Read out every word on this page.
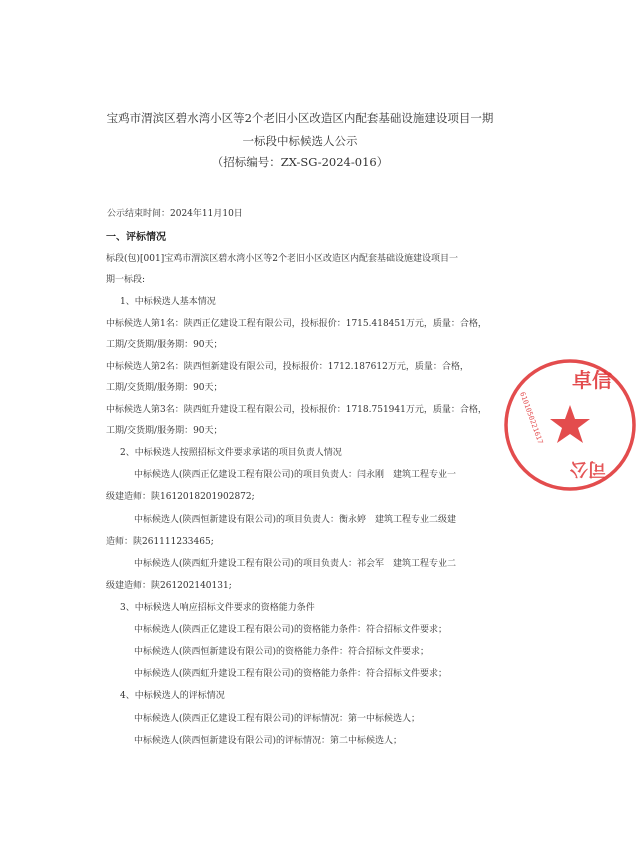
宝鸡市渭滨区碧水湾小区等2个老旧小区改造区内配套基础设施建设项目一期
一标段中标候选人公示
（招标编号：ZX-SG-2024-016）
公示结束时间：2024年11月10日
一、评标情况
标段(包)[001]宝鸡市渭滨区碧水湾小区等2个老旧小区改造区内配套基础设施建设项目一
期一标段:
1、中标候选人基本情况
中标候选人第1名：陕西正亿建设工程有限公司，投标报价：1715.418451万元，质量：合格，
工期/交货期/服务期：90天；
中标候选人第2名：陕西恒新建设有限公司，投标报价：1712.187612万元，质量：合格，
工期/交货期/服务期：90天；
中标候选人第3名：陕西虹升建设工程有限公司，投标报价：1718.751941万元，质量：合格，
工期/交货期/服务期：90天；
2、中标候选人按照招标文件要求承诺的项目负责人情况
中标候选人(陕西正亿建设工程有限公司)的项目负责人：闫永刚　建筑工程专业一
级建造师：陕1612018201902872;
中标候选人(陕西恒新建设有限公司)的项目负责人：衡永婷　建筑工程专业二级建
造师：陕261111233465;
中标候选人(陕西虹升建设工程有限公司)的项目负责人：祁会军　建筑工程专业二
级建造师：陕261202140131;
3、中标候选人响应招标文件要求的资格能力条件
中标候选人(陕西正亿建设工程有限公司)的资格能力条件：符合招标文件要求；
中标候选人(陕西恒新建设有限公司)的资格能力条件：符合招标文件要求；
中标候选人(陕西虹升建设工程有限公司)的资格能力条件：符合招标文件要求；
4、中标候选人的评标情况
中标候选人(陕西正亿建设工程有限公司)的评标情况：第一中标候选人；
中标候选人(陕西恒新建设有限公司)的评标情况：第二中标候选人；
卓信
司公
6101050221617
